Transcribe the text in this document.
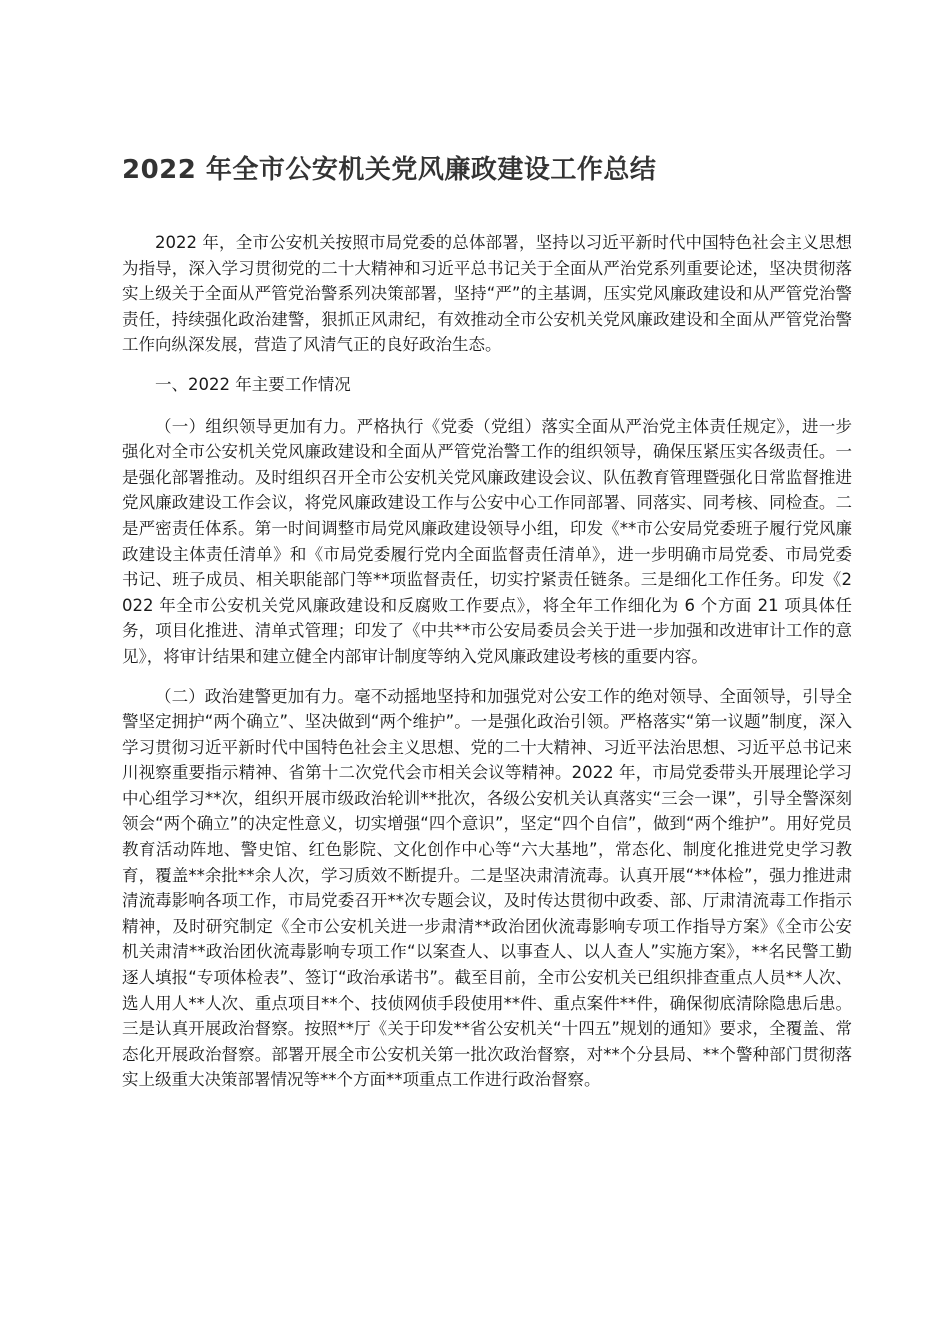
2022 年全市公安机关党风廉政建设工作总结

2022 年，全市公安机关按照市局党委的总体部署，坚持以习近平新时代中国特色社会主义思想为指导，深入学习贯彻党的二十大精神和习近平总书记关于全面从严治党系列重要论述，坚决贯彻落实上级关于全面从严管党治警系列决策部署，坚持“严”的主基调，压实党风廉政建设和从严管党治警责任，持续强化政治建警，狠抓正风肃纪，有效推动全市公安机关党风廉政建设和全面从严管党治警工作向纵深发展，营造了风清气正的良好政治生态。

一、2022 年主要工作情况

（一）组织领导更加有力。严格执行《党委（党组）落实全面从严治党主体责任规定》，进一步强化对全市公安机关党风廉政建设和全面从严管党治警工作的组织领导，确保压紧压实各级责任。一是强化部署推动。及时组织召开全市公安机关党风廉政建设会议、队伍教育管理暨强化日常监督推进党风廉政建设工作会议，将党风廉政建设工作与公安中心工作同部署、同落实、同考核、同检查。二是严密责任体系。第一时间调整市局党风廉政建设领导小组，印发《**市公安局党委班子履行党风廉政建设主体责任清单》和《市局党委履行党内全面监督责任清单》，进一步明确市局党委、市局党委书记、班子成员、相关职能部门等**项监督责任，切实拧紧责任链条。三是细化工作任务。印发《2022 年全市公安机关党风廉政建设和反腐败工作要点》，将全年工作细化为 6 个方面 21 项具体任务，项目化推进、清单式管理；印发了《中共**市公安局委员会关于进一步加强和改进审计工作的意见》，将审计结果和建立健全内部审计制度等纳入党风廉政建设考核的重要内容。

（二）政治建警更加有力。毫不动摇地坚持和加强党对公安工作的绝对领导、全面领导，引导全警坚定拥护“两个确立”、坚决做到“两个维护”。一是强化政治引领。严格落实“第一议题”制度，深入学习贯彻习近平新时代中国特色社会主义思想、党的二十大精神、习近平法治思想、习近平总书记来川视察重要指示精神、省第十二次党代会市相关会议等精神。2022 年，市局党委带头开展理论学习中心组学习**次，组织开展市级政治轮训**批次，各级公安机关认真落实“三会一课”，引导全警深刻领会“两个确立”的决定性意义，切实增强“四个意识”，坚定“四个自信”，做到“两个维护”。用好党员教育活动阵地、警史馆、红色影院、文化创作中心等“六大基地”，常态化、制度化推进党史学习教育，覆盖**余批**余人次，学习质效不断提升。二是坚决肃清流毒。认真开展“**体检”，强力推进肃清流毒影响各项工作，市局党委召开**次专题会议，及时传达贯彻中政委、部、厅肃清流毒工作指示精神，及时研究制定《全市公安机关进一步肃清**政治团伙流毒影响专项工作指导方案》《全市公安机关肃清**政治团伙流毒影响专项工作“以案查人、以事查人、以人查人”实施方案》，**名民警工勤逐人填报“专项体检表”、签订“政治承诺书”。截至目前，全市公安机关已组织排查重点人员**人次、选人用人**人次、重点项目**个、技侦网侦手段使用**件、重点案件**件，确保彻底清除隐患后患。三是认真开展政治督察。按照**厅《关于印发**省公安机关“十四五”规划的通知》要求，全覆盖、常态化开展政治督察。部署开展全市公安机关第一批次政治督察，对**个分县局、**个警种部门贯彻落实上级重大决策部署情况等**个方面**项重点工作进行政治督察。
